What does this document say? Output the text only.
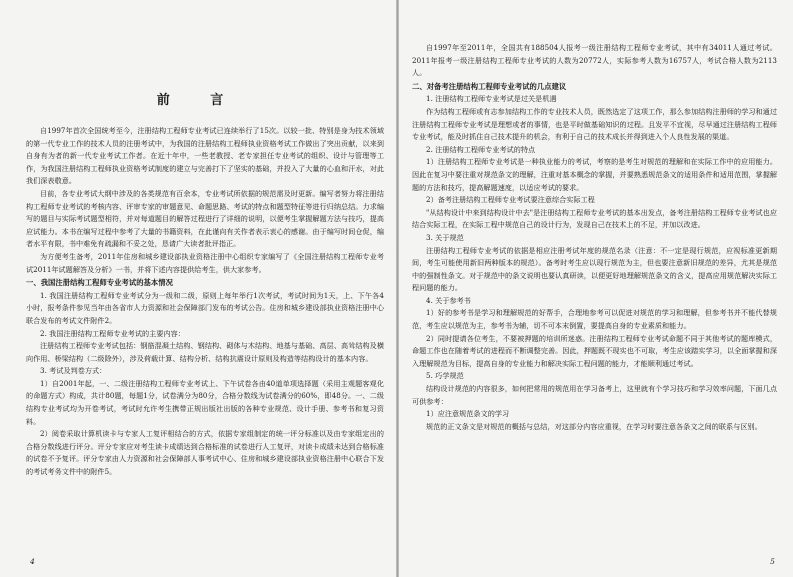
前 言

自1997年首次全国统考至今，注册结构工程师专业考试已连续举行了15次。以较一批、特别是身为技术领域的第一代专业工作的技术人员的注册考试中，为我国的注册结构工程师执业资格考试工作做出了突出贡献，以来到自身有为者的新一代专业考试工作者。在近十年中，一些老教授、老专家担任专业考试的组织、设计与管理等工作，为我国注册结构工程师执业资格考试制度的建立与完善打下了坚实的基础，并投入了大量的心血和汗水，对此我们深表敬意。

目前，各专业考试大纲中涉及的各类规范有百余本，专业考试所依据的规范需及时更新。编写者努力将注册结构工程师专业考试的考核内容、评审专家的审题意见、命题思路、考试的特点和题型特征等进行归纳总结。力求编写的题目与实际考试题型相符，并对每道题目的解答过程进行了详细的说明，以便考生掌握解题方法与技巧，提高应试能力。本书在编写过程中参考了大量的书籍资料，在此谨向有关作者表示衷心的感谢。由于编写时间仓促，编者水平有限，书中难免有疏漏和不妥之处，恳请广大读者批评指正。

为方便考生备考，2011年住房和城乡建设部执业资格注册中心组织专家编写了《全国注册结构工程师专业考试2011年试题解答及分析》一书，并将下述内容提供给考生，供大家参考。

一、我国注册结构工程师专业考试的基本情况

1. 我国注册结构工程师专业考试分为一级和二级，原则上每年举行1次考试，考试时间为1天，上、下午各4小时，报考条件参见当年由各省市人力资源和社会保障部门发布的考试公告。住房和城乡建设部执业资格注册中心联合发布的考试文件附件2。

2. 我国注册结构工程师专业考试的主要内容：

注册结构工程师专业考试包括：钢筋混凝土结构、钢结构、砌体与木结构、地基与基础、高层、高耸结构及横向作用、桥梁结构（二级除外），涉及荷载计算、结构分析、结构抗震设计原则及构造等结构设计的基本内容。

3. 考试及判卷方式：

1）自2001年起，一、二级注册结构工程师专业考试上、下午试卷各由40道单项选择题（采用主观题客观化的命题方式）构成，共计80题，每题1分，试卷满分为80分，合格分数线为试卷满分的60%，即48分。一、二级结构专业考试均为开卷考试，考试时允许考生携带正规出版社出版的各种专业规范、设计手册、参考书和复习资料。

2）阅卷采取计算机读卡与专家人工复评相结合的方式，依据专家组制定的统一评分标准以及由专家组定出的合格分数线进行评分。评分专家应对考生读卡成绩达到合格标准的试卷进行人工复评，对读卡成绩未达到合格标准的试卷不予复评。评分专家由人力资源和社会保障部人事考试中心、住房和城乡建设部执业资格注册中心联合下发的考试考务文件中的附件5。

4

自1997年至2011年，全国共有188504人报考一级注册结构工程师专业考试，其中有34011人通过考试。2011年报考一级注册结构工程师专业考试的人数为20772人，实际参考人数为16757人，考试合格人数为2113人。

二、对备考注册结构工程师专业考试的几点建议

1. 注册结构工程师专业考试是过关是机遇

作为结构工程师或有志参加结构工作的专业技术人员，既然选定了这项工作，那么参加结构注册师的学习和通过注册结构工程师专业考试是理想或者的事情，也是平时做基础知识的过程。且发平不宜视，尽早通过注册结构工程师专业考试，能及时抓住自己技术提升的机会，有利于自己的技术成长并得到进入个人良性发展的渠道。

2. 注册结构工程师专业考试的特点

1）注册结构工程师专业考试是一种执业能力的考试，考察的是考生对规范的理解和在实际工作中的应用能力。因此在复习中要注重对规范条文的理解，注重对基本概念的掌握，并要熟悉规范条文的适用条件和适用范围，掌握解题的方法和技巧，提高解题速度，以适应考试的要求。

2）备考注册结构工程师专业考试要注意综合实际工程

"从结构设计中来到结构设计中去"是注册结构工程师专业考试的基本出发点，备考注册结构工程师专业考试也应结合实际工程，在实际工程中规范自己的设计行为，发现自己在技术上的不足，并加以改进。

3. 关于规范

注册结构工程师专业考试的依据是相应注册考试年度的规范名录（注意：不一定是现行规范，应视标准更新期间，考生可能使用新旧两种版本的规范）。备考时考生应以现行规范为主，但也要注意新旧规范的差异，尤其是规范中的强制性条文。对于规范中的条文说明也要认真研读，以便更好地理解规范条文的含义，提高应用规范解决实际工程问题的能力。

4. 关于参考书

1）好的参考书是学习和理解规范的好帮手，合理地参考可以促进对规范的学习和理解，但参考书并不能代替规范，考生应以规范为主，参考书为辅，切不可本末倒置，要提高自身的专业素质和能力。

2）同时提请各位考生，不要被押题的培训所迷惑。注册结构工程师专业考试命题不同于其他考试的题库模式，命题工作也在随着考试的进程而不断调整完善。因此，押题既不现实也不可取，考生应该踏实学习，以全面掌握和深入理解规范为目标，提高自身的专业能力和解决实际工程问题的能力，才能顺利通过考试。

5. 巧学规范

结构设计规范的内容很多，如何把常用的规范用在学习备考上，这里就有个学习技巧和学习效率问题，下面几点可供参考：

1）应注意规范条文的学习

规范的正文条文是对规范的概括与总结，对这部分内容应重视，在学习时要注意各条文之间的联系与区别。

5
